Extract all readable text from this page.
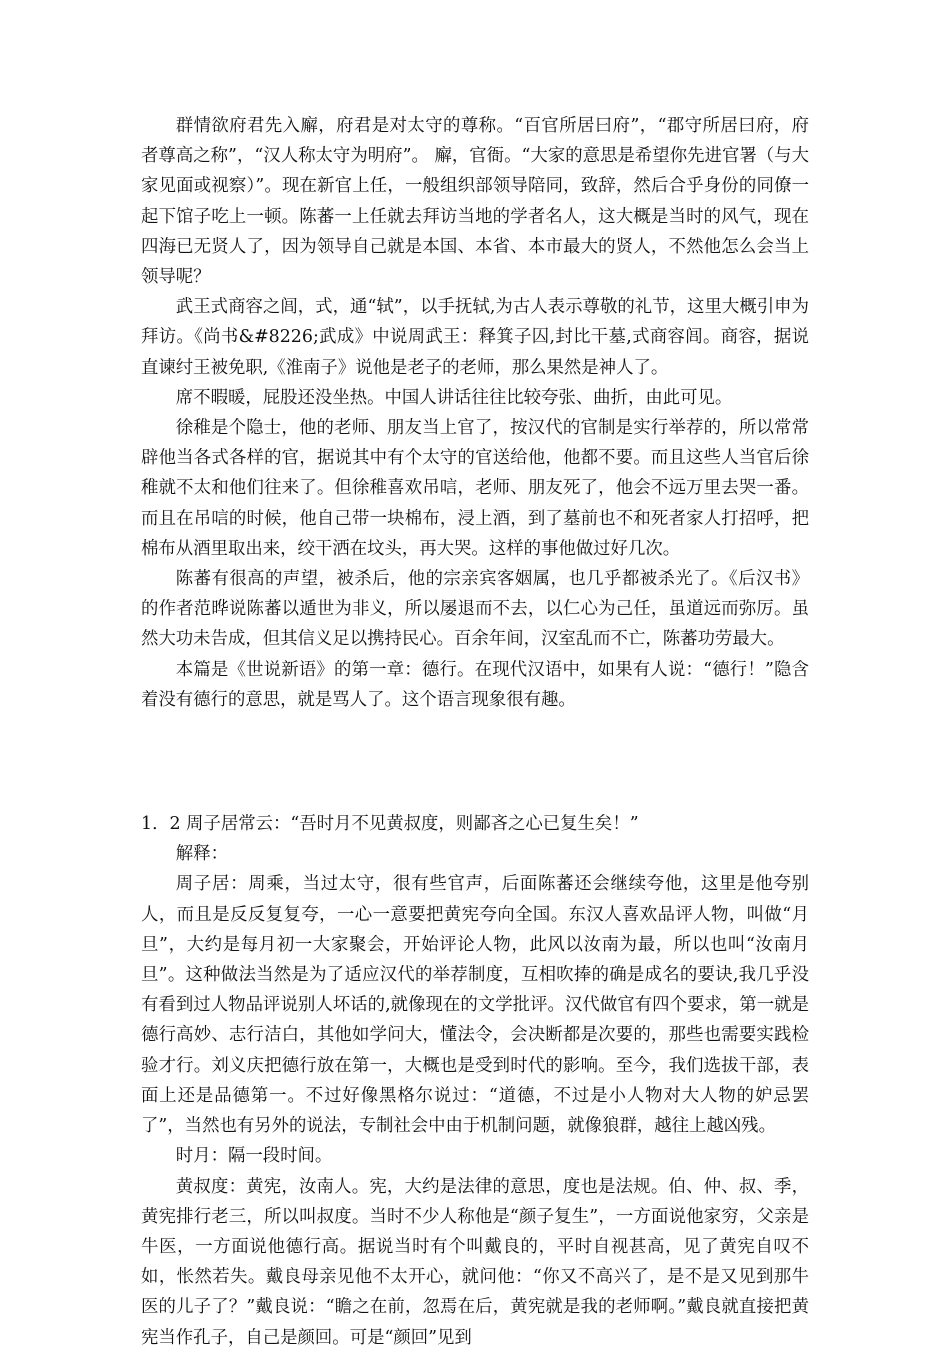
群情欲府君先入廨，府君是对太守的尊称。“百官所居曰府”，“郡守所居曰府，府者尊高之称”，“汉人称太守为明府”。 廨，官衙。“大家的意思是希望你先进官署（与大家见面或视察）”。现在新官上任，一般组织部领导陪同，致辞，然后合乎身份的同僚一起下馆子吃上一顿。陈蕃一上任就去拜访当地的学者名人，这大概是当时的风气，现在四海已无贤人了，因为领导自己就是本国、本省、本市最大的贤人，不然他怎么会当上领导呢？

武王式商容之闾，式，通“轼”，以手抚轼,为古人表示尊敬的礼节，这里大概引申为拜访。《尚书&#8226;武成》中说周武王：释箕子囚,封比干墓,式商容闾。商容，据说直谏纣王被免职,《淮南子》说他是老子的老师，那么果然是神人了。

席不暇暖，屁股还没坐热。中国人讲话往往比较夸张、曲折，由此可见。

徐稚是个隐士，他的老师、朋友当上官了，按汉代的官制是实行举荐的，所以常常辟他当各式各样的官，据说其中有个太守的官送给他，他都不要。而且这些人当官后徐稚就不太和他们往来了。但徐稚喜欢吊唁，老师、朋友死了，他会不远万里去哭一番。而且在吊唁的时候，他自己带一块棉布，浸上酒，到了墓前也不和死者家人打招呼，把棉布从酒里取出来，绞干洒在坟头，再大哭。这样的事他做过好几次。

陈蕃有很高的声望，被杀后，他的宗亲宾客姻属，也几乎都被杀光了。《后汉书》的作者范晔说陈蕃以遁世为非义，所以屡退而不去，以仁心为己任，虽道远而弥厉。虽然大功未告成，但其信义足以携持民心。百余年间，汉室乱而不亡，陈蕃功劳最大。

本篇是《世说新语》的第一章：德行。在现代汉语中，如果有人说：“德行！”隐含着没有德行的意思，就是骂人了。这个语言现象很有趣。

1．2 周子居常云：“吾时月不见黄叔度，则鄙吝之心已复生矣！”

解释：

周子居：周乘，当过太守，很有些官声，后面陈蕃还会继续夸他，这里是他夸别人，而且是反反复复夸，一心一意要把黄宪夸向全国。东汉人喜欢品评人物，叫做“月旦”，大约是每月初一大家聚会，开始评论人物，此风以汝南为最，所以也叫“汝南月旦”。这种做法当然是为了适应汉代的举荐制度，互相吹捧的确是成名的要诀,我几乎没有看到过人物品评说别人坏话的,就像现在的文学批评。汉代做官有四个要求，第一就是德行高妙、志行洁白，其他如学问大，懂法令，会决断都是次要的，那些也需要实践检验才行。刘义庆把德行放在第一，大概也是受到时代的影响。至今，我们选拔干部，表面上还是品德第一。不过好像黑格尔说过：“道德，不过是小人物对大人物的妒忌罢了”，当然也有另外的说法，专制社会中由于机制问题，就像狼群，越往上越凶残。

时月：隔一段时间。

黄叔度：黄宪，汝南人。宪，大约是法律的意思，度也是法规。伯、仲、叔、季，黄宪排行老三，所以叫叔度。当时不少人称他是“颜子复生”，一方面说他家穷，父亲是牛医，一方面说他德行高。据说当时有个叫戴良的，平时自视甚高，见了黄宪自叹不如，怅然若失。戴良母亲见他不太开心，就问他：“你又不高兴了，是不是又见到那牛医的儿子了？”戴良说：“瞻之在前，忽焉在后，黄宪就是我的老师啊。”戴良就直接把黄宪当作孔子，自己是颜回。可是“颜回”见到
